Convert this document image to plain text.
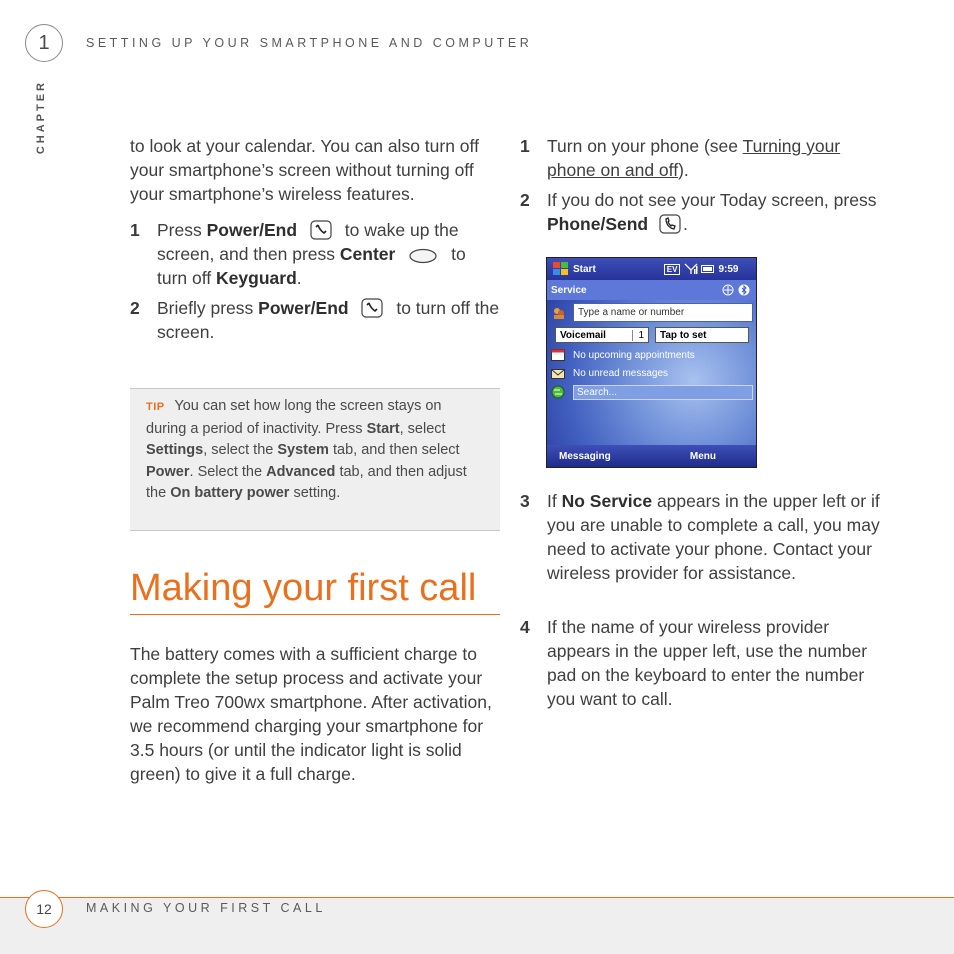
1	SETTING UP YOUR SMARTPHONE AND COMPUTER
CHAPTER	to look at your calendar. You can also turn off your smartphone’s screen without turning off your smartphone’s wireless features.

1 Press Power/End	to wake up the screen, and then press Center	to turn off Keyguard.
2 Briefly press Power/End	to turn off the screen.
TIP You can set how long the screen stays on during a period of inactivity. Press Start, select Settings, select the System tab, and then select Power. Select the Advanced tab, and then adjust the On battery power setting.
Making your first call

The battery comes with a sufficient charge to complete the setup process and activate your Palm Treo 700wx smartphone. After activation, we recommend charging your smartphone for 3.5 hours (or until the indicator light is solid green) to give it a full charge.

1 Turn on your phone (see Turning your phone on and off).
2 If you do not see your Today screen, press Phone/Send .
Start	EV	9:59
Service
Type a name or number
Voicemail	1 Tap to set
No upcoming appointments
No unread messages
Search...
Messaging	Menu
3 If No Service appears in the upper left or if you are unable to complete a call, you may need to activate your phone. Contact your wireless provider for assistance.
4 If the name of your wireless provider appears in the upper left, use the number pad on the keyboard to enter the number you want to call.
12	MAKING YOUR FIRST CALL
